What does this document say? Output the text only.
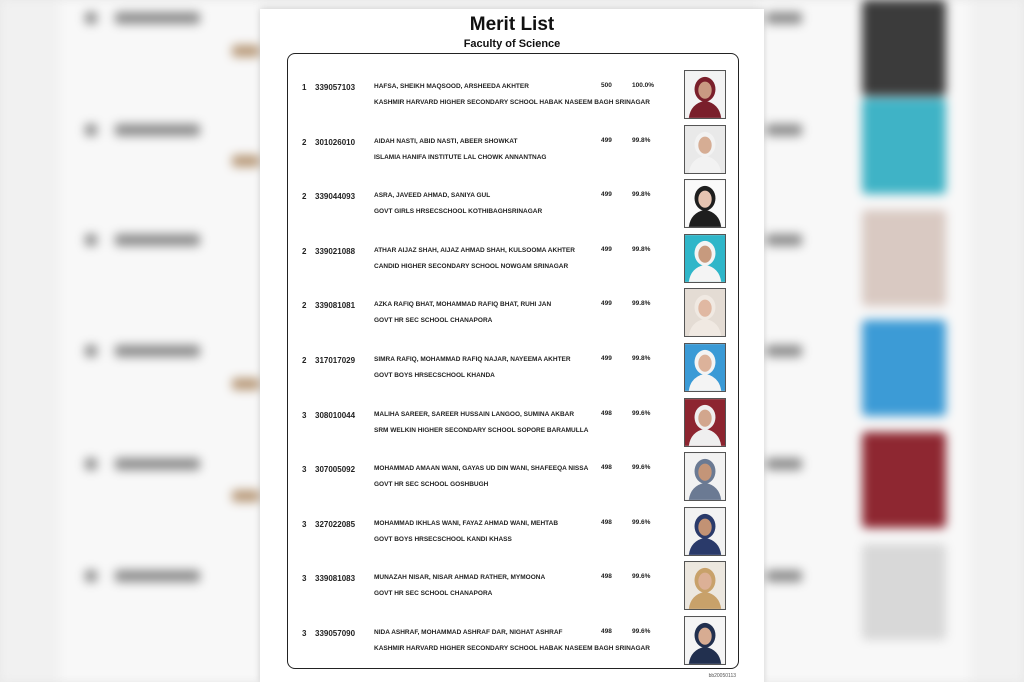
Merit List
Faculty of Science
1 339057103	HAFSA, SHEIKH MAQSOOD, ARSHEEDA AKHTER
KASHMIR HARVARD HIGHER SECONDARY SCHOOL HABAK NASEEM BAGH SRINAGAR
500	100.0%
2 301026010	AIDAH NASTI, ABID NASTI, ABEER SHOWKAT
ISLAMIA HANIFA INSTITUTE LAL CHOWK ANNANTNAG
499	99.8%
2 339044093	ASRA, JAVEED AHMAD, SANIYA GUL
GOVT GIRLS HRSECSCHOOL KOTHIBAGHSRINAGAR
499	99.8%
2 339021088	ATHAR AIJAZ SHAH, AIJAZ AHMAD SHAH, KULSOOMA AKHTER
CANDID HIGHER SECONDARY SCHOOL NOWGAM SRINAGAR
499	99.8%
2 339081081	AZKA RAFIQ BHAT, MOHAMMAD RAFIQ BHAT, RUHI JAN
GOVT HR SEC SCHOOL CHANAPORA
499	99.8%
2 317017029	SIMRA RAFIQ, MOHAMMAD RAFIQ NAJAR, NAYEEMA AKHTER
GOVT BOYS HRSECSCHOOL KHANDA
499	99.8%
3 308010044	MALIHA SAREER, SAREER HUSSAIN LANGOO, SUMINA AKBAR
SRM WELKIN HIGHER SECONDARY SCHOOL SOPORE BARAMULLA
498	99.6%
3 307005092	MOHAMMAD AMAAN WANI, GAYAS UD DIN WANI, SHAFEEQA NISSA
GOVT HR SEC SCHOOL GOSHBUGH
498	99.6%
3 327022085	MOHAMMAD IKHLAS WANI, FAYAZ AHMAD WANI, MEHTAB
GOVT BOYS HRSECSCHOOL KANDI KHASS
498	99.6%
3 339081083	MUNAZAH NISAR, NISAR AHMAD RATHER, MYMOONA
GOVT HR SEC SCHOOL CHANAPORA
498	99.6%
3 339057090	NIDA ASHRAF, MOHAMMAD ASHRAF DAR, NIGHAT ASHRAF
KASHMIR HARVARD HIGHER SECONDARY SCHOOL HABAK NASEEM BAGH SRINAGAR
498	99.6%
bb20050113
